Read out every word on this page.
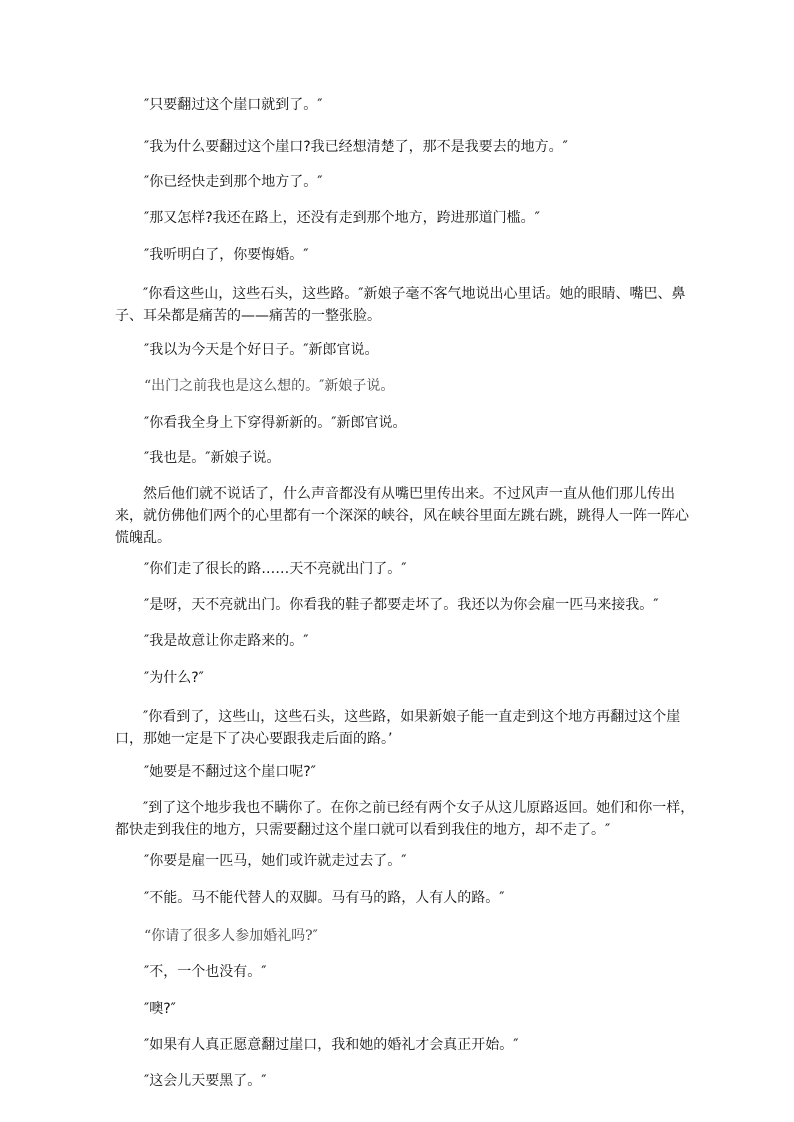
″只要翻过这个崖口就到了。″

″我为什么要翻过这个崖口?我已经想清楚了，那不是我要去的地方。″

″你已经快走到那个地方了。″

″那又怎样?我还在路上，还没有走到那个地方，跨进那道门槛。″

″我听明白了，你要悔婚。″

″你看这些山，这些石头，这些路。″新娘子毫不客气地说出心里话。她的眼睛、嘴巴、鼻子、耳朵都是痛苦的——痛苦的一整张脸。

″我以为今天是个好日子。″新郎官说。

“出门之前我也是这么想的。″新娘子说。

″你看我全身上下穿得新新的。″新郎官说。

″我也是。″新娘子说。

然后他们就不说话了，什么声音都没有从嘴巴里传出来。不过风声一直从他们那儿传出来，就仿佛他们两个的心里都有一个深深的峡谷，风在峡谷里面左跳右跳，跳得人一阵一阵心慌魄乱。

″你们走了很长的路……天不亮就出门了。″

″是呀，天不亮就出门。你看我的鞋子都要走坏了。我还以为你会雇一匹马来接我。″

″我是故意让你走路来的。″

″为什么?″

″你看到了，这些山，这些石头，这些路，如果新娘子能一直走到这个地方再翻过这个崖口，那她一定是下了决心要跟我走后面的路。’

″她要是不翻过这个崖口呢?″

″到了这个地步我也不瞒你了。在你之前已经有两个女子从这儿原路返回。她们和你一样，都快走到我住的地方，只需要翻过这个崖口就可以看到我住的地方，却不走了。″

″你要是雇一匹马，她们或许就走过去了。″

″不能。马不能代替人的双脚。马有马的路，人有人的路。″

“你请了很多人参加婚礼吗?″

″不，一个也没有。″

″噢?″

″如果有人真正愿意翻过崖口，我和她的婚礼才会真正开始。″

″这会儿天要黑了。″
